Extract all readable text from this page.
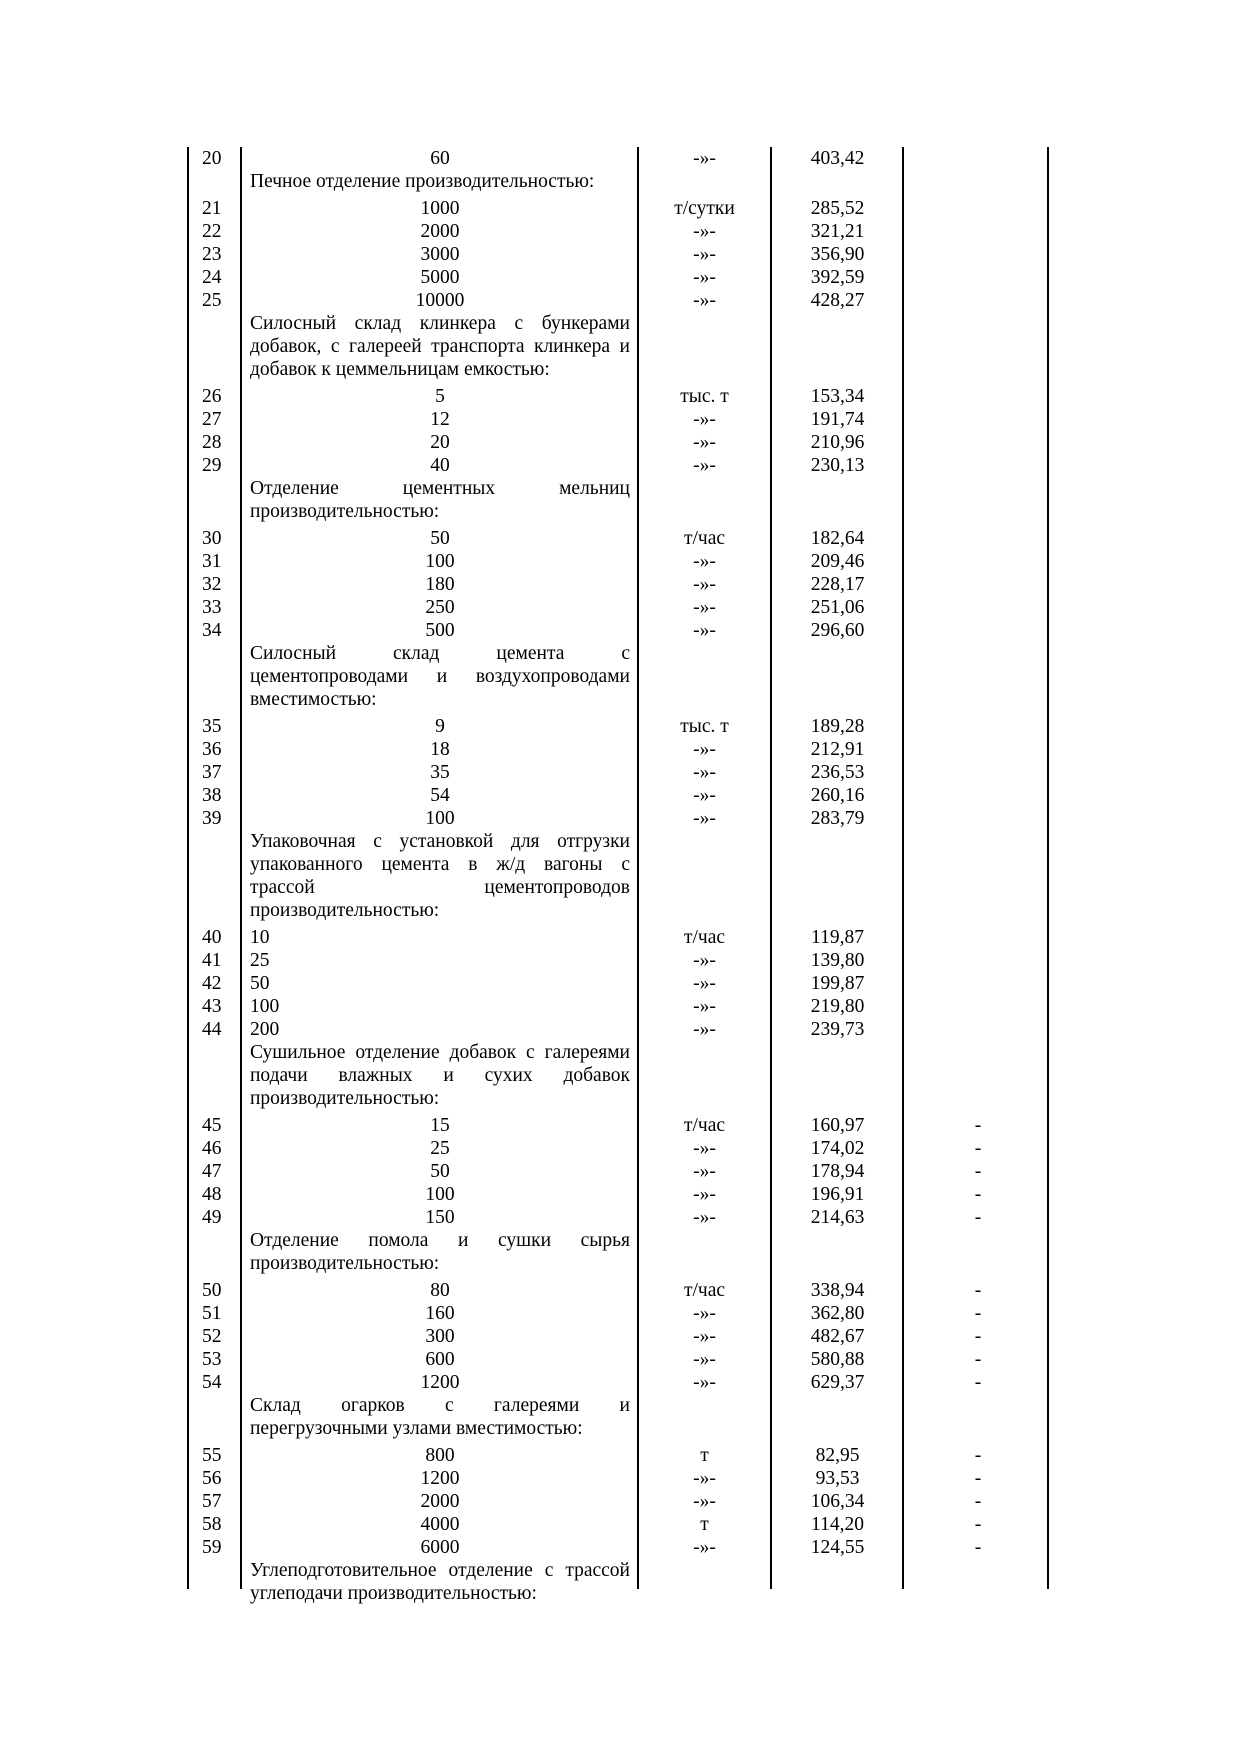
20	60	-»-	403,42
Печное отделение производительностью:
21	1000	т/сутки	285,52
22	2000	-»-	321,21
23	3000	-»-	356,90
24	5000	-»-	392,59
25	10000	-»-	428,27
Силосный склад клинкера с бункерами
добавок, с галереей транспорта клинкера и
добавок к цеммельницам емкостью:
26	5	тыс. т	153,34
27	12	-»-	191,74
28	20	-»-	210,96
29	40	-»-	230,13
Отделение цементных мельниц
производительностью:
30	50	т/час	182,64
31	100	-»-	209,46
32	180	-»-	228,17
33	250	-»-	251,06
34	500	-»-	296,60
Силосный склад цемента с
цементопроводами и воздухопроводами
вместимостью:
35	9	тыс. т	189,28
36	18	-»-	212,91
37	35	-»-	236,53
38	54	-»-	260,16
39	100	-»-	283,79
Упаковочная с установкой для отгрузки
упакованного цемента в ж/д вагоны с
трассой цементопроводов
производительностью:
40	10	т/час	119,87
41	25	-»-	139,80
42	50	-»-	199,87
43	100	-»-	219,80
44	200	-»-	239,73
Сушильное отделение добавок с галереями
подачи влажных и сухих добавок
производительностью:
45	15	т/час	160,97	-
46	25	-»-	174,02	-
47	50	-»-	178,94	-
48	100	-»-	196,91	-
49	150	-»-	214,63	-
Отделение помола и сушки сырья
производительностью:
50	80	т/час	338,94	-
51	160	-»-	362,80	-
52	300	-»-	482,67	-
53	600	-»-	580,88	-
54	1200	-»-	629,37	-
Склад огарков с галереями и
перегрузочными узлами вместимостью:
55	800	т	82,95	-
56	1200	-»-	93,53	-
57	2000	-»-	106,34	-
58	4000	т	114,20	-
59	6000	-»-	124,55	-
Углеподготовительное отделение с трассой
углеподачи производительностью:
